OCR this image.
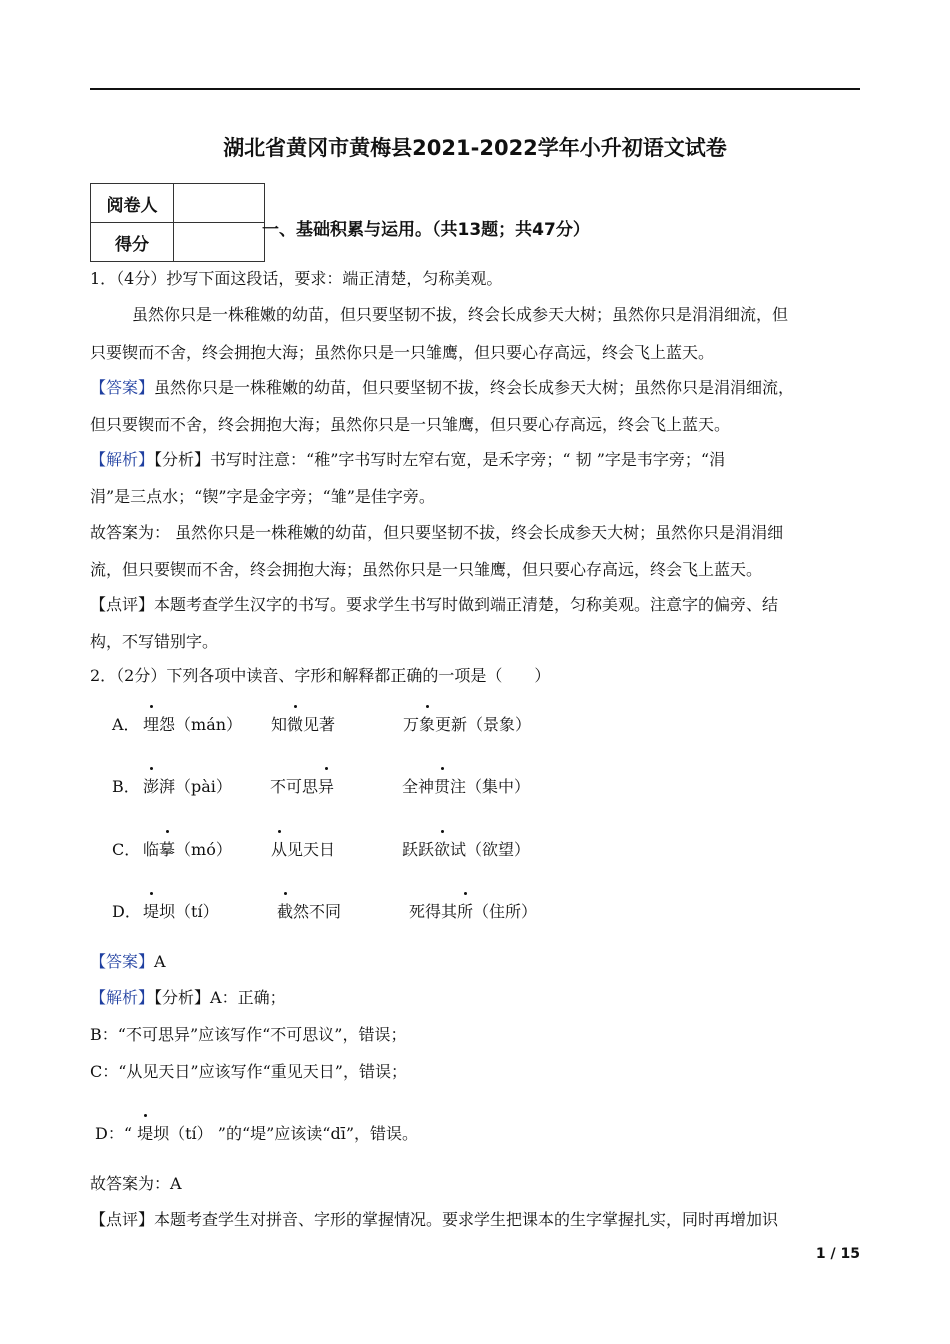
湖北省黄冈市黄梅县2021-2022学年小升初语文试卷
阅卷人	
得分	
一、基础积累与运用。（共13题；共47分）
1．（4分）抄写下面这段话，要求：端正清楚，匀称美观。
虽然你只是一株稚嫩的幼苗，但只要坚韧不拔，终会长成参天大树；虽然你只是涓涓细流，但
只要锲而不舍，终会拥抱大海；虽然你只是一只雏鹰，但只要心存高远，终会飞上蓝天。
【答案】虽然你只是一株稚嫩的幼苗，但只要坚韧不拔，终会长成参天大树；虽然你只是涓涓细流，
但只要锲而不舍，终会拥抱大海；虽然你只是一只雏鹰，但只要心存高远，终会飞上蓝天。
【解析】【分析】书写时注意：“稚”字书写时左窄右宽，是禾字旁；“ 韧 ”字是韦字旁；“涓
涓”是三点水；“锲”字是金字旁；“雏”是佳字旁。
故答案为： 虽然你只是一株稚嫩的幼苗，但只要坚韧不拔，终会长成参天大树；虽然你只是涓涓细
流，但只要锲而不舍，终会拥抱大海；虽然你只是一只雏鹰，但只要心存高远，终会飞上蓝天。
【点评】本题考查学生汉字的书写。要求学生书写时做到端正清楚，匀称美观。注意字的偏旁、结
构，不写错别字。
2．（2分）下列各项中读音、字形和解释都正确的一项是（　　）
A． 埋怨（mán） 知微见著	万象更新（景象）
B． 澎湃（pài） 不可思异	全神贯注（集中）
C． 临摹（mó） 从见天日	跃跃欲试（欲望）
D． 堤坝（tí）	截然不同	死得其所（住所）
【答案】A
【解析】【分析】A：正确；
B：“不可思异”应该写作“不可思议”，错误；
C：“从见天日”应该写作“重见天日”，错误；
D：“ 堤坝（tí） ”的“堤”应该读“dī”，错误。
故答案为：A
【点评】本题考查学生对拼音、字形的掌握情况。要求学生把课本的生字掌握扎实，同时再增加识
1 / 15
